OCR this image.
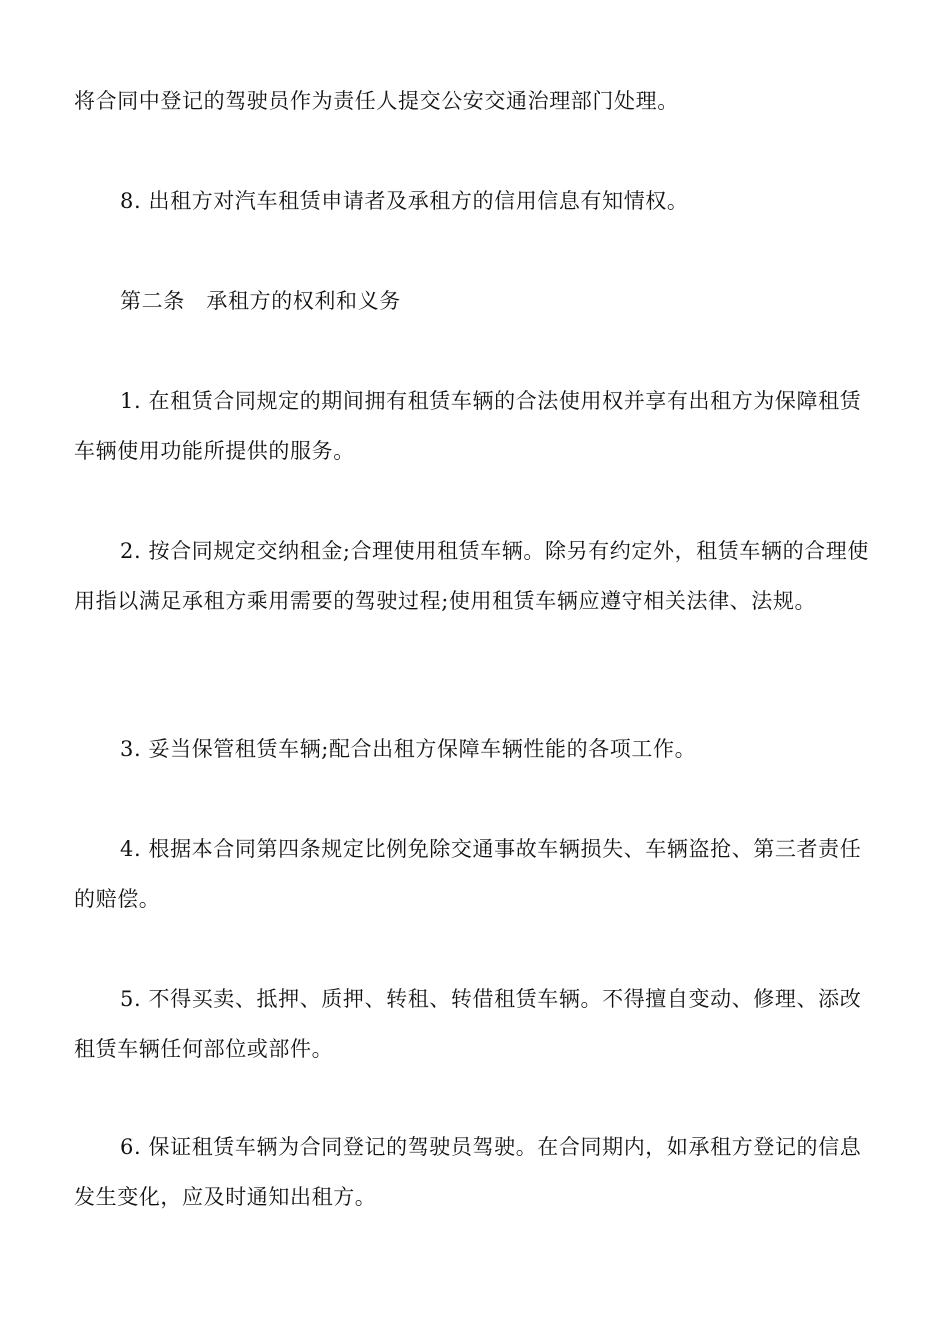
将合同中登记的驾驶员作为责任人提交公安交通治理部门处理。

8. 出租方对汽车租赁申请者及承租方的信用信息有知情权。

第二条　承租方的权利和义务

1. 在租赁合同规定的期间拥有租赁车辆的合法使用权并享有出租方为保障租赁车辆使用功能所提供的服务。

2. 按合同规定交纳租金;合理使用租赁车辆。除另有约定外，租赁车辆的合理使用指以满足承租方乘用需要的驾驶过程;使用租赁车辆应遵守相关法律、法规。

3. 妥当保管租赁车辆;配合出租方保障车辆性能的各项工作。

4. 根据本合同第四条规定比例免除交通事故车辆损失、车辆盗抢、第三者责任的赔偿。

5. 不得买卖、抵押、质押、转租、转借租赁车辆。不得擅自变动、修理、添改租赁车辆任何部位或部件。

6. 保证租赁车辆为合同登记的驾驶员驾驶。在合同期内，如承租方登记的信息发生变化，应及时通知出租方。
